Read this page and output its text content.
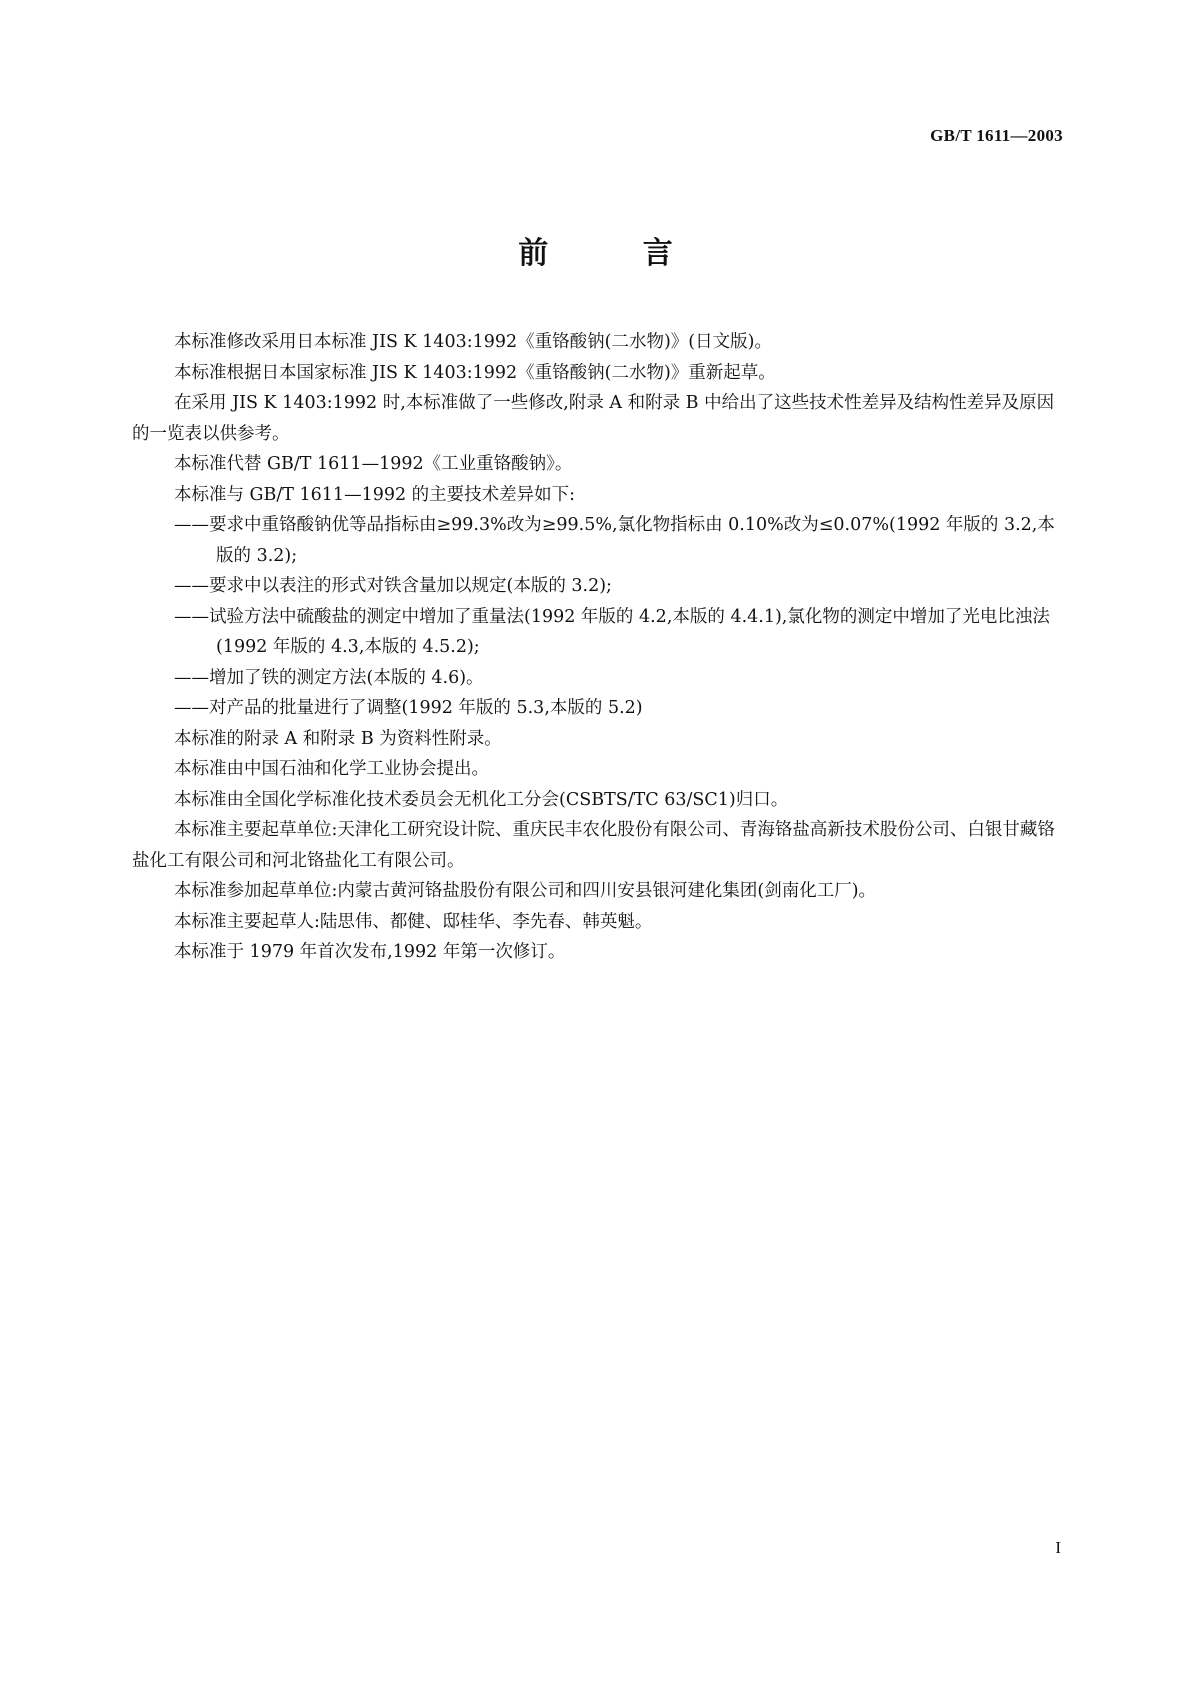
GB/T 1611—2003
前 言

本标准修改采用日本标准 JIS K 1403:1992《重铬酸钠(二水物)》(日文版)。

本标准根据日本国家标准 JIS K 1403:1992《重铬酸钠(二水物)》重新起草。

在采用 JIS K 1403:1992 时,本标准做了一些修改,附录 A 和附录 B 中给出了这些技术性差异及结构性差异及原因的一览表以供参考。

本标准代替 GB/T 1611—1992《工业重铬酸钠》。

本标准与 GB/T 1611—1992 的主要技术差异如下:

——要求中重铬酸钠优等品指标由≥99.3%改为≥99.5%,氯化物指标由 0.10%改为≤0.07%(1992 年版的 3.2,本版的 3.2);

——要求中以表注的形式对铁含量加以规定(本版的 3.2);

——试验方法中硫酸盐的测定中增加了重量法(1992 年版的 4.2,本版的 4.4.1),氯化物的测定中增加了光电比浊法(1992 年版的 4.3,本版的 4.5.2);

——增加了铁的测定方法(本版的 4.6)。

——对产品的批量进行了调整(1992 年版的 5.3,本版的 5.2)

本标准的附录 A 和附录 B 为资料性附录。

本标准由中国石油和化学工业协会提出。

本标准由全国化学标准化技术委员会无机化工分会(CSBTS/TC 63/SC1)归口。

本标准主要起草单位:天津化工研究设计院、重庆民丰农化股份有限公司、青海铬盐高新技术股份公司、白银甘藏铬盐化工有限公司和河北铬盐化工有限公司。

本标准参加起草单位:内蒙古黄河铬盐股份有限公司和四川安县银河建化集团(剑南化工厂)。

本标准主要起草人:陆思伟、都健、邸桂华、李先春、韩英魁。

本标准于 1979 年首次发布,1992 年第一次修订。

I
